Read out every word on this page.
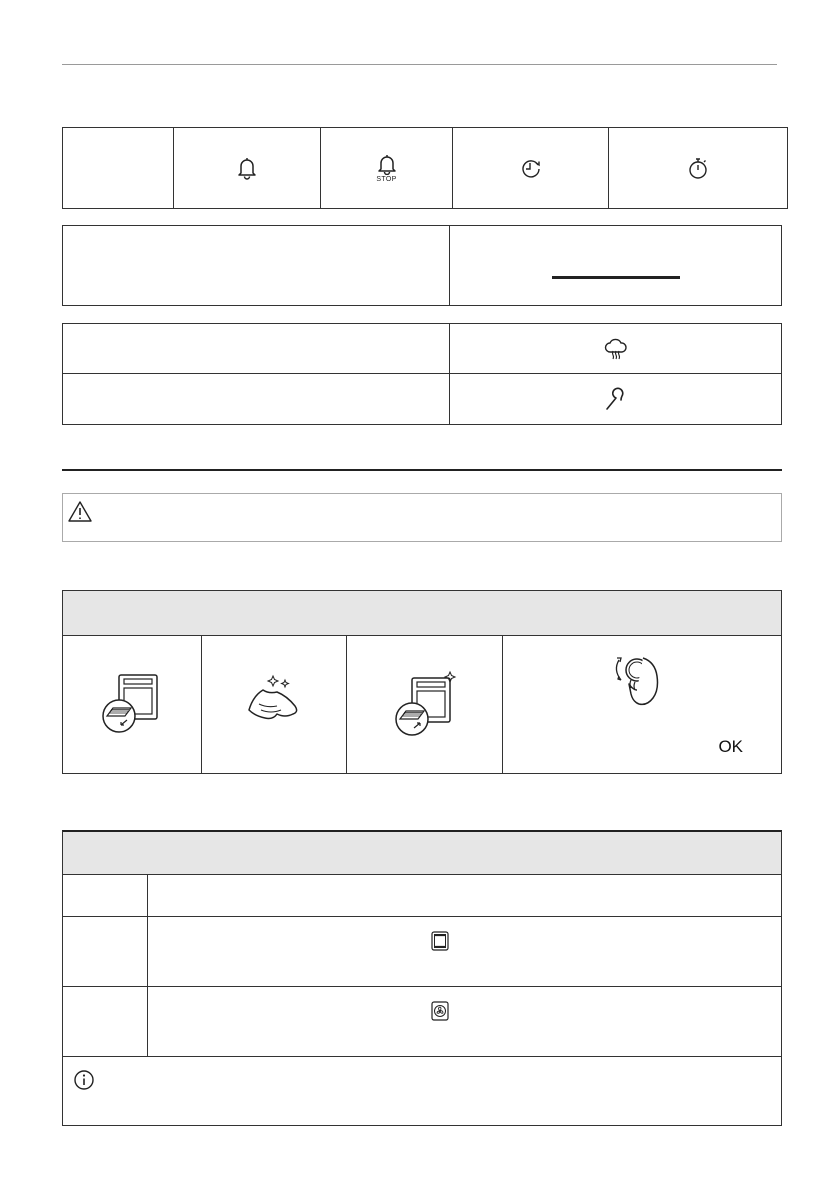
STOP

OK
